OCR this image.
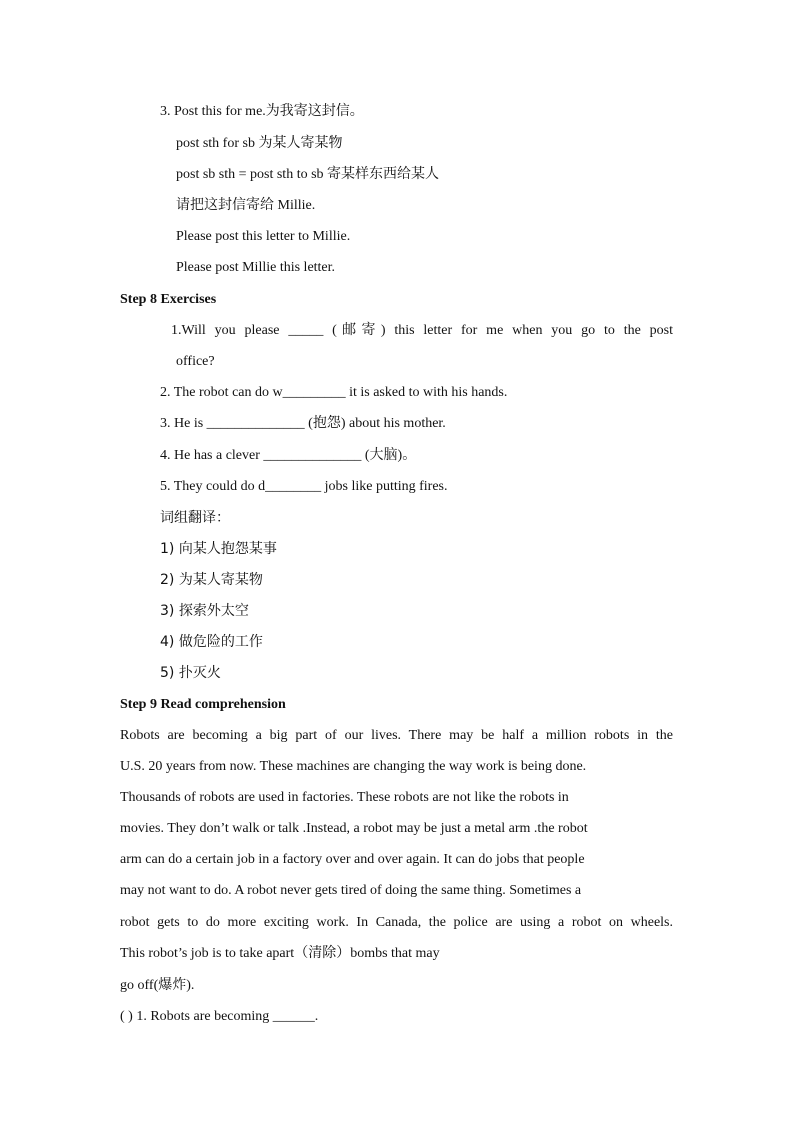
3. Post this for me.为我寄这封信。
post sth for sb 为某人寄某物
post sb sth = post sth to sb 寄某样东西给某人
请把这封信寄给 Millie.
Please post this letter to Millie.
Please post Millie this letter.
Step 8 Exercises
1.Will you please _____ (邮寄) this letter for me when you go to the post
office?
2. The robot can do w_________ it is asked to with his hands.
3. He is ______________ (抱怨) about his mother.
4. He has a clever ______________ (大脑)。
5. They could do d________ jobs like putting fires.
词组翻译：
1) 向某人抱怨某事
2) 为某人寄某物
3) 探索外太空
4) 做危险的工作
5) 扑灭火
Step 9 Read comprehension
Robots are becoming a big part of our lives. There may be half a million robots in the
U.S. 20 years from now. These machines are changing the way work is being done.
Thousands of robots are used in factories. These robots are not like the robots in
movies. They don’t walk or talk .Instead, a robot may be just a metal arm .the robot
arm can do a certain job in a factory over and over again. It can do jobs that people
may not want to do. A robot never gets tired of doing the same thing. Sometimes a
robot gets to do more exciting work. In Canada, the police are using a robot on wheels.
This robot’s job is to take apart（清除）bombs that may
go off(爆炸).
( ) 1. Robots are becoming ______.
